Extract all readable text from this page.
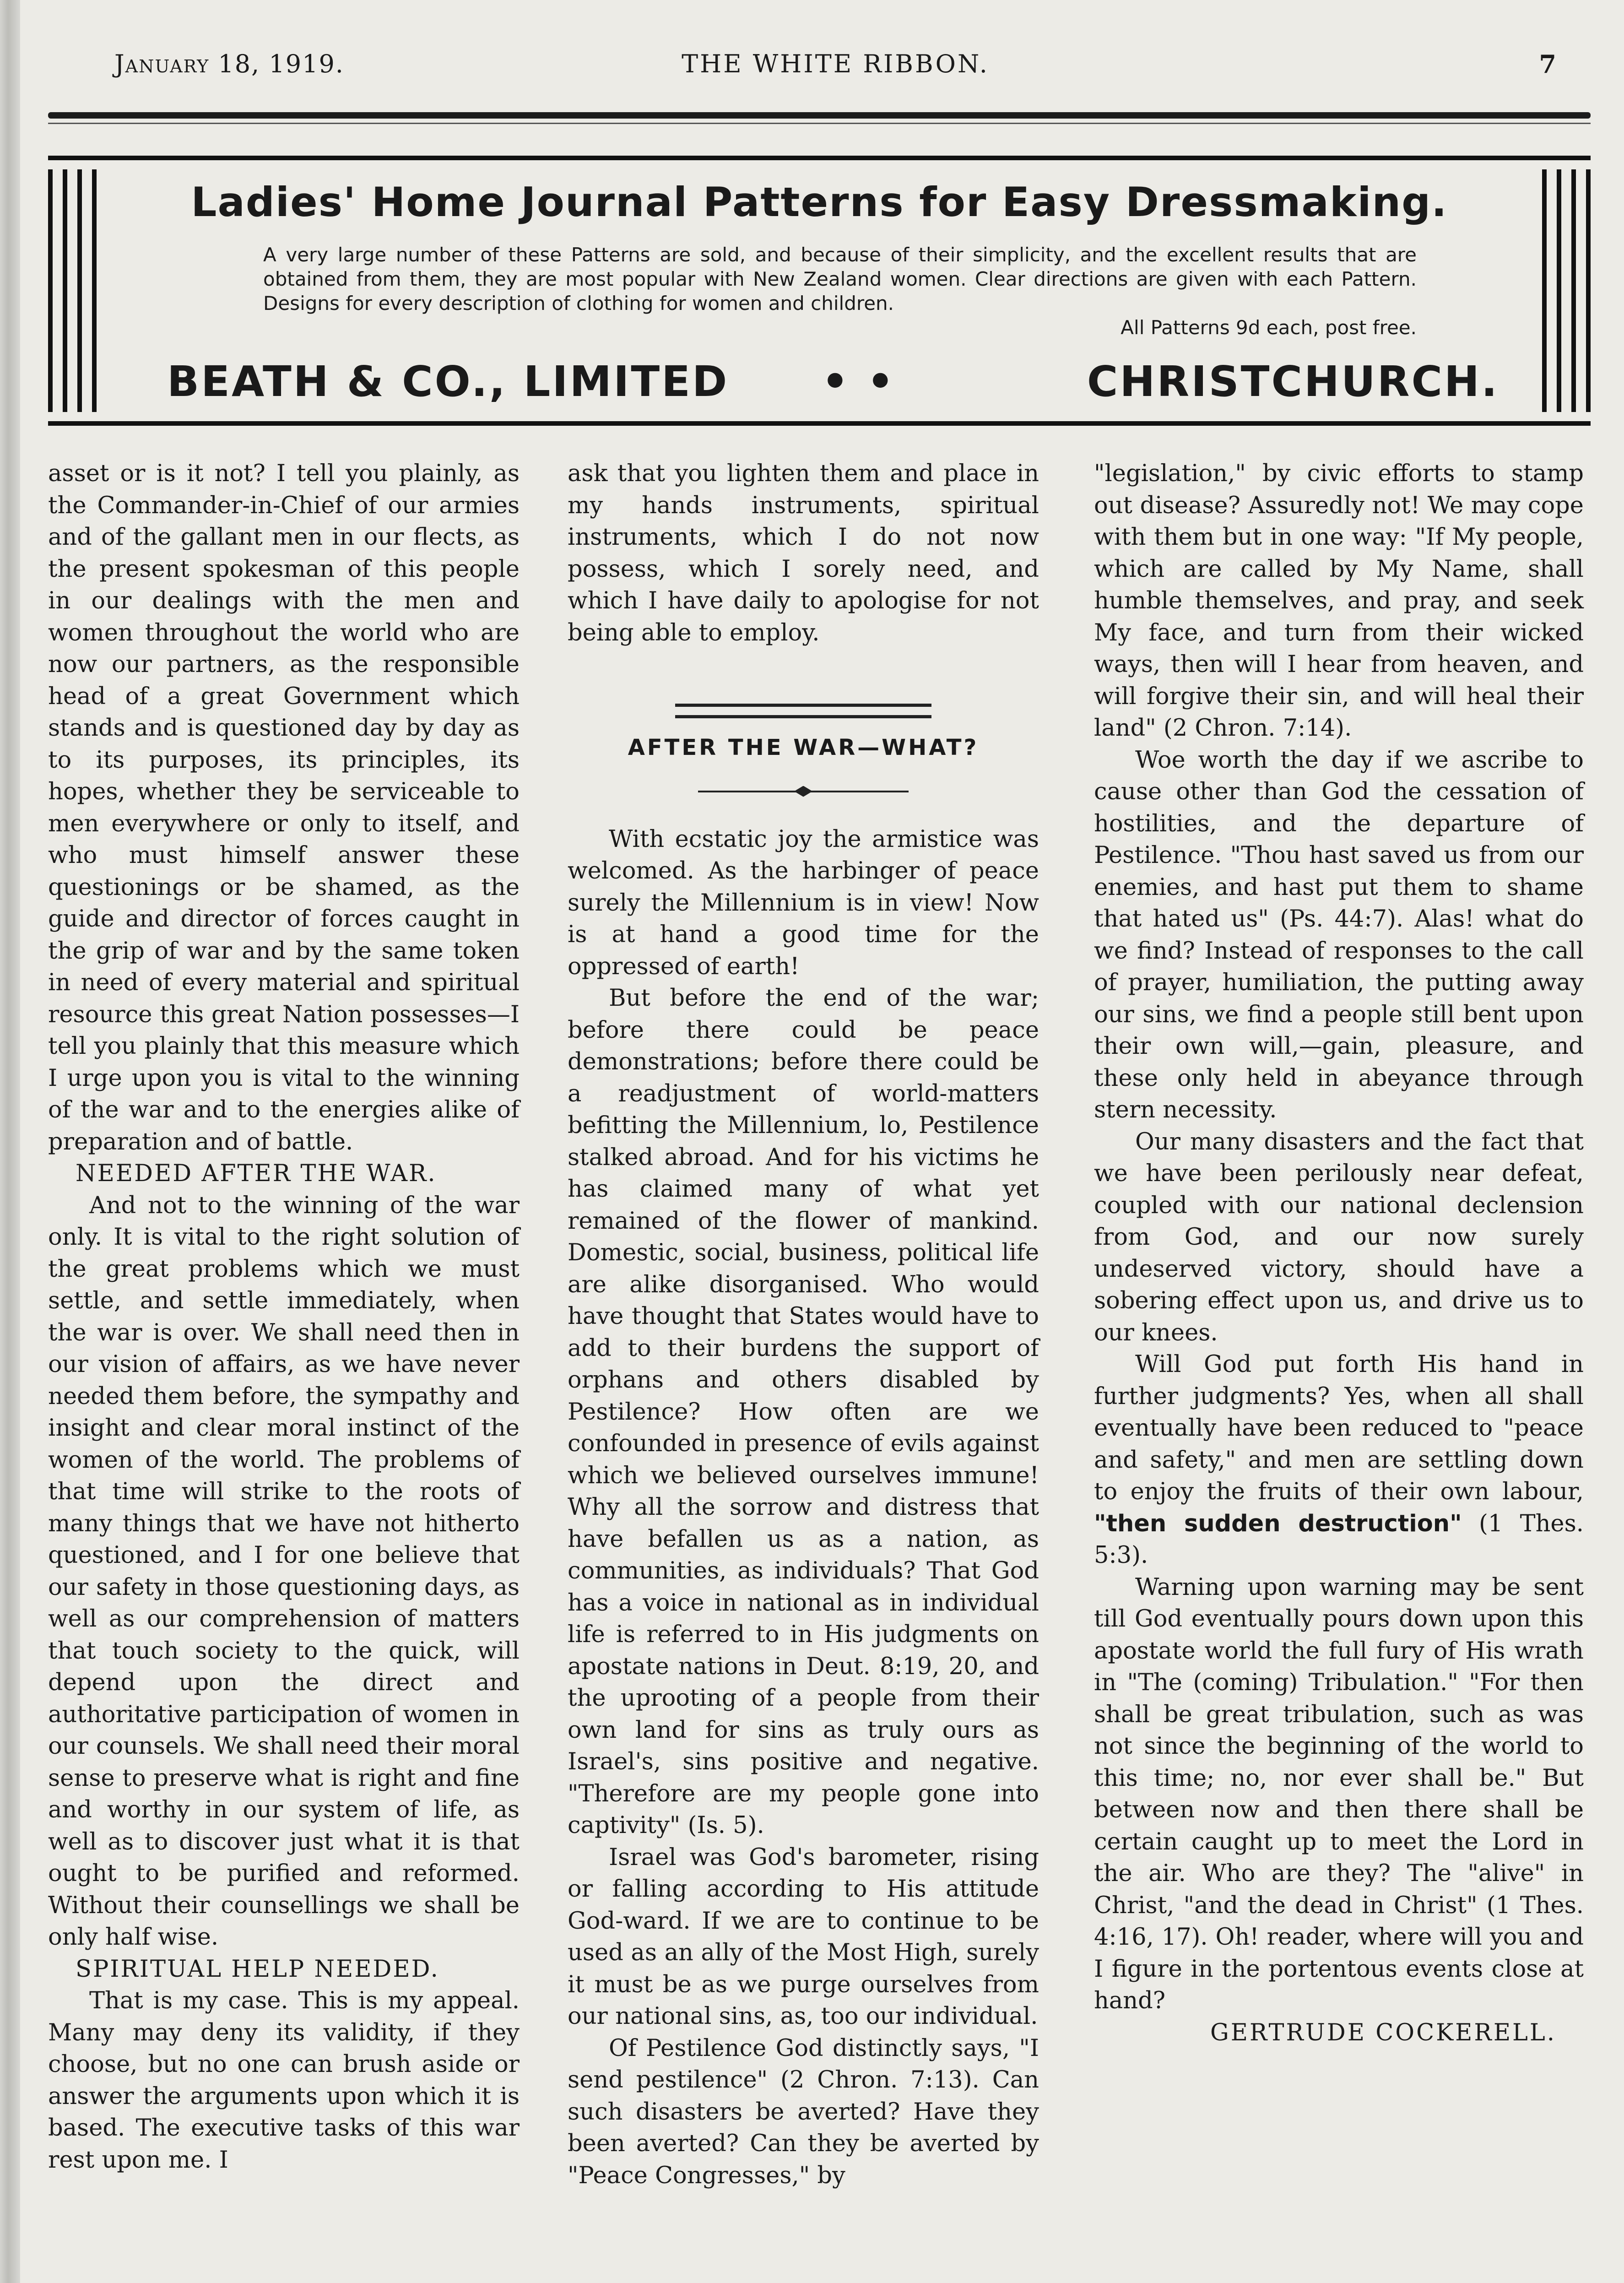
January 18, 1919.	THE WHITE RIBBON.	7
Ladies' Home Journal Patterns for Easy Dressmaking.
A very large number of these Patterns are sold, and because of their simplicity, and the excellent results that are obtained from them, they are most popular with New Zealand women. Clear directions are given with each Pattern. Designs for every description of clothing for women and children.
All Patterns 9d each, post free.
BEATH & CO., LIMITED • •	CHRISTCHURCH.

asset or is it not? I tell you plainly, as the Commander-in-Chief of our armies and of the gallant men in our flects, as the present spokesman of this people in our dealings with the men and women throughout the world who are now our partners, as the responsible head of a great Government which stands and is questioned day by day as to its purposes, its principles, its hopes, whether they be serviceable to men everywhere or only to itself, and who must himself answer these questionings or be shamed, as the guide and director of forces caught in the grip of war and by the same token in need of every material and spiritual resource this great Nation possesses—I tell you plainly that this measure which I urge upon you is vital to the winning of the war and to the energies alike of preparation and of battle.

NEEDED AFTER THE WAR.

And not to the winning of the war only. It is vital to the right solution of the great problems which we must settle, and settle immediately, when the war is over. We shall need then in our vision of affairs, as we have never needed them before, the sympathy and insight and clear moral instinct of the women of the world. The problems of that time will strike to the roots of many things that we have not hitherto questioned, and I for one believe that our safety in those questioning days, as well as our comprehension of matters that touch society to the quick, will depend upon the direct and authoritative participation of women in our counsels. We shall need their moral sense to preserve what is right and fine and worthy in our system of life, as well as to discover just what it is that ought to be purified and reformed. Without their counsellings we shall be only half wise.

SPIRITUAL HELP NEEDED.

That is my case. This is my appeal. Many may deny its validity, if they choose, but no one can brush aside or answer the arguments upon which it is based. The executive tasks of this war rest upon me. I

ask that you lighten them and place in my hands instruments, spiritual instruments, which I do not now possess, which I sorely need, and which I have daily to apologise for not being able to employ.

AFTER THE WAR—WHAT?

With ecstatic joy the armistice was welcomed. As the harbinger of peace surely the Millennium is in view! Now is at hand a good time for the oppressed of earth!

But before the end of the war; before there could be peace demonstrations; before there could be a readjustment of world-matters befitting the Millennium, lo, Pestilence stalked abroad. And for his victims he has claimed many of what yet remained of the flower of mankind. Domestic, social, business, political life are alike disorganised. Who would have thought that States would have to add to their burdens the support of orphans and others disabled by Pestilence? How often are we confounded in presence of evils against which we believed ourselves immune! Why all the sorrow and distress that have befallen us as a nation, as communities, as individuals? That God has a voice in national as in individual life is referred to in His judgments on apostate nations in Deut. 8:19, 20, and the uprooting of a people from their own land for sins as truly ours as Israel's, sins positive and negative. "Therefore are my people gone into captivity" (Is. 5).

Israel was God's barometer, rising or falling according to His attitude God-ward. If we are to continue to be used as an ally of the Most High, surely it must be as we purge ourselves from our national sins, as, too our individual.

Of Pestilence God distinctly says, "I send pestilence" (2 Chron. 7:13). Can such disasters be averted? Have they been averted? Can they be averted by "Peace Congresses," by

"legislation," by civic efforts to stamp out disease? Assuredly not! We may cope with them but in one way: "If My people, which are called by My Name, shall humble themselves, and pray, and seek My face, and turn from their wicked ways, then will I hear from heaven, and will forgive their sin, and will heal their land" (2 Chron. 7:14).

Woe worth the day if we ascribe to cause other than God the cessation of hostilities, and the departure of Pestilence. "Thou hast saved us from our enemies, and hast put them to shame that hated us" (Ps. 44:7). Alas! what do we find? Instead of responses to the call of prayer, humiliation, the putting away our sins, we find a people still bent upon their own will,—gain, pleasure, and these only held in abeyance through stern necessity.

Our many disasters and the fact that we have been perilously near defeat, coupled with our national declension from God, and our now surely undeserved victory, should have a sobering effect upon us, and drive us to our knees.

Will God put forth His hand in further judgments? Yes, when all shall eventually have been reduced to "peace and safety," and men are settling down to enjoy the fruits of their own labour, "then sudden destruction" (1 Thes. 5:3).

Warning upon warning may be sent till God eventually pours down upon this apostate world the full fury of His wrath in "The (coming) Tribulation." "For then shall be great tribulation, such as was not since the beginning of the world to this time; no, nor ever shall be." But between now and then there shall be certain caught up to meet the Lord in the air. Who are they? The "alive" in Christ, "and the dead in Christ" (1 Thes. 4:16, 17). Oh! reader, where will you and I figure in the portentous events close at hand?

GERTRUDE COCKERELL.
